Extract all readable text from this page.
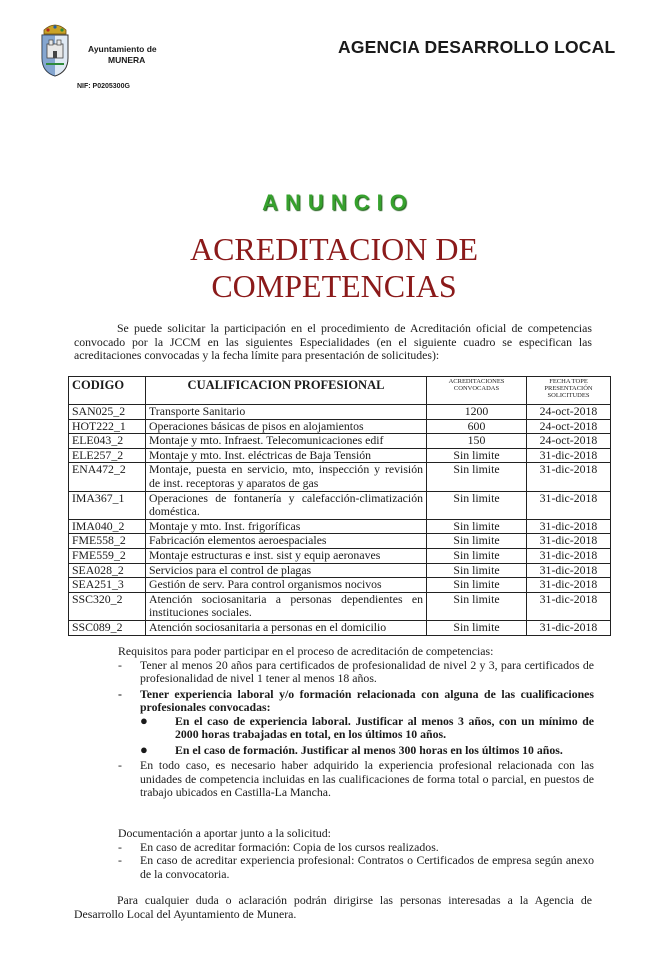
Ayuntamiento de
MUNERA
NIF: P0205300G
AGENCIA DESARROLLO LOCAL
ANUNCIO
ACREDITACION DE
COMPETENCIAS
Se puede solicitar la participación en el procedimiento de Acreditación oficial de competencias convocado por la JCCM en las siguientes Especialidades (en el siguiente cuadro se especifican las acreditaciones convocadas y la fecha límite para presentación de solicitudes):
CODIGO	CUALIFICACION PROFESIONAL	ACREDITACIONES CONVOCADAS	FECHA TOPE PRESENTACIÓN SOLICITUDES
SAN025_2	Transporte Sanitario	1200	24-oct-2018
HOT222_1	Operaciones básicas de pisos en alojamientos	600	24-oct-2018
ELE043_2	Montaje y mto. Infraest. Telecomunicaciones edif	150	24-oct-2018
ELE257_2	Montaje y mto. Inst. eléctricas de Baja Tensión	Sin limite	31-dic-2018
ENA472_2	Montaje, puesta en servicio, mto, inspección y revisión de inst. receptoras y aparatos de gas	Sin limite	31-dic-2018
IMA367_1	Operaciones de fontanería y calefacción-climatización doméstica.	Sin limite	31-dic-2018
IMA040_2	Montaje y mto. Inst. frigoríficas	Sin limite	31-dic-2018
FME558_2	Fabricación elementos aeroespaciales	Sin limite	31-dic-2018
FME559_2	Montaje estructuras e inst. sist y equip aeronaves	Sin limite	31-dic-2018
SEA028_2	Servicios para el control de plagas	Sin limite	31-dic-2018
SEA251_3	Gestión de serv. Para control organismos nocivos	Sin limite	31-dic-2018
SSC320_2	Atención sociosanitaria a personas dependientes en instituciones sociales.	Sin limite	31-dic-2018
SSC089_2	Atención sociosanitaria a personas en el domicilio	Sin limite	31-dic-2018

Requisitos para poder participar en el proceso de acreditación de competencias:

- Tener al menos 20 años para certificados de profesionalidad de nivel 2 y 3, para certificados de profesionalidad de nivel 1 tener al menos 18 años.
- Tener experiencia laboral y/o formación relacionada con alguna de las cualificaciones profesionales convocadas:
● En el caso de experiencia laboral. Justificar al menos 3 años, con un mínimo de 2000 horas trabajadas en total, en los últimos 10 años.
● En el caso de formación. Justificar al menos 300 horas en los últimos 10 años.
- En todo caso, es necesario haber adquirido la experiencia profesional relacionada con las unidades de competencia incluidas en las cualificaciones de forma total o parcial, en puestos de trabajo ubicados en Castilla-La Mancha.

Documentación a aportar junto a la solicitud:

- En caso de acreditar formación: Copia de los cursos realizados.
- En caso de acreditar experiencia profesional: Contratos o Certificados de empresa según anexo de la convocatoria.
Para cualquier duda o aclaración podrán dirigirse las personas interesadas a la Agencia de Desarrollo Local del Ayuntamiento de Munera.
